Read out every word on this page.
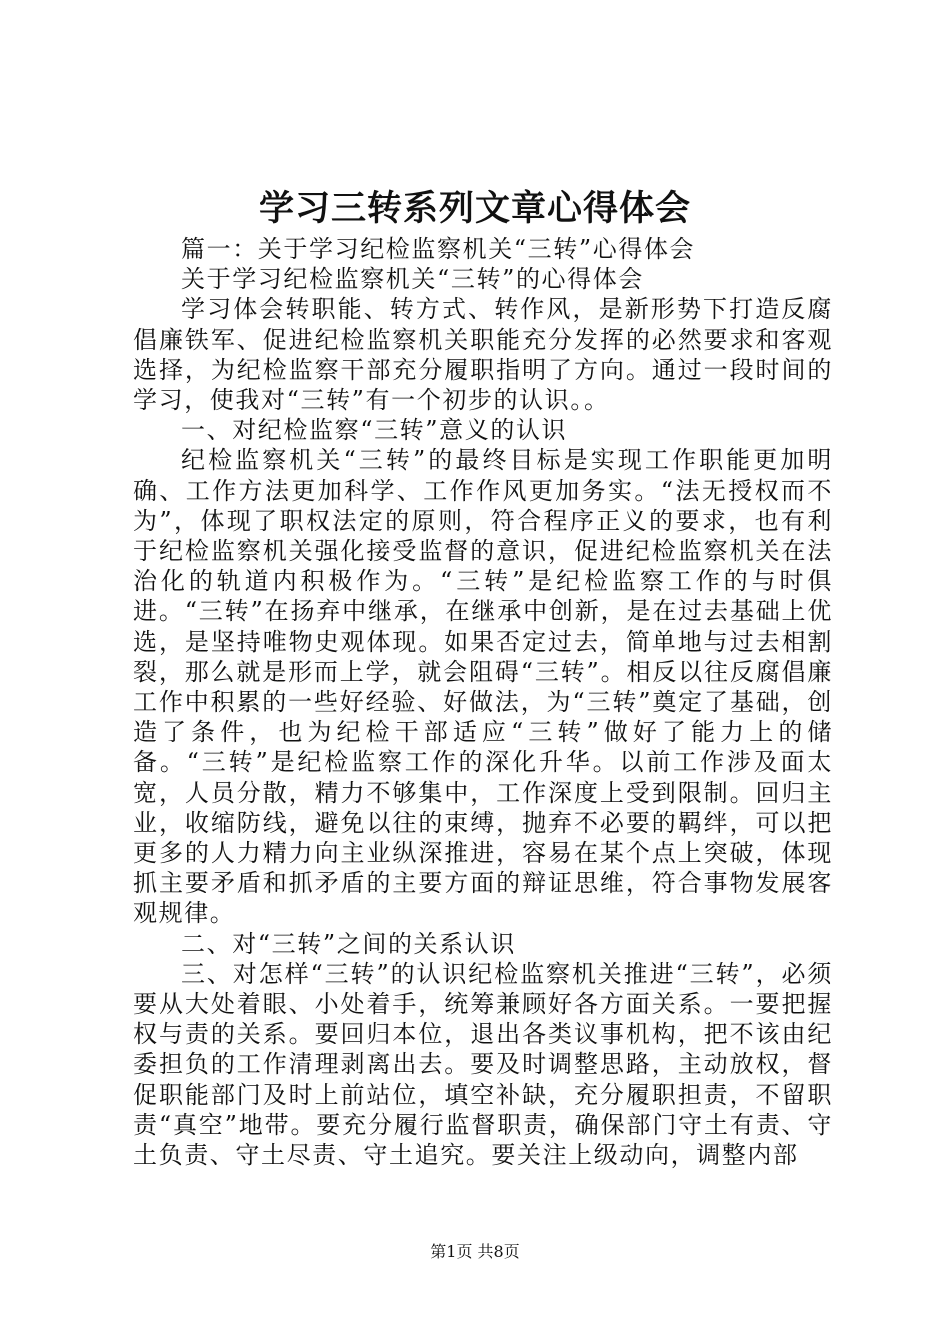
学习三转系列文章心得体会

篇一：关于学习纪检监察机关“三转”心得体会

关于学习纪检监察机关“三转”的心得体会

学习体会转职能、转方式、转作风，是新形势下打造反腐倡廉铁军、促进纪检监察机关职能充分发挥的必然要求和客观选择，为纪检监察干部充分履职指明了方向。通过一段时间的学习，使我对“三转”有一个初步的认识。。

一、对纪检监察“三转”意义的认识

纪检监察机关“三转”的最终目标是实现工作职能更加明确、工作方法更加科学、工作作风更加务实。“法无授权而不为”，体现了职权法定的原则，符合程序正义的要求，也有利于纪检监察机关强化接受监督的意识，促进纪检监察机关在法治化的轨道内积极作为。“三转”是纪检监察工作的与时俱进。“三转”在扬弃中继承，在继承中创新，是在过去基础上优选，是坚持唯物史观体现。如果否定过去，简单地与过去相割裂，那么就是形而上学，就会阻碍“三转”。相反以往反腐倡廉工作中积累的一些好经验、好做法，为“三转”奠定了基础，创造了条件，也为纪检干部适应“三转”做好了能力上的储备。“三转”是纪检监察工作的深化升华。以前工作涉及面太宽，人员分散，精力不够集中，工作深度上受到限制。回归主业，收缩防线，避免以往的束缚，抛弃不必要的羁绊，可以把更多的人力精力向主业纵深推进，容易在某个点上突破，体现抓主要矛盾和抓矛盾的主要方面的辩证思维，符合事物发展客观规律。

二、对“三转”之间的关系认识

三、对怎样“三转”的认识纪检监察机关推进“三转”，必须要从大处着眼、小处着手，统筹兼顾好各方面关系。一要把握权与责的关系。要回归本位，退出各类议事机构，把不该由纪委担负的工作清理剥离出去。要及时调整思路，主动放权，督促职能部门及时上前站位，填空补缺，充分履职担责，不留职责“真空”地带。要充分履行监督职责，确保部门守土有责、守土负责、守土尽责、守土追究。要关注上级动向，调整内部

第1页 共8页
